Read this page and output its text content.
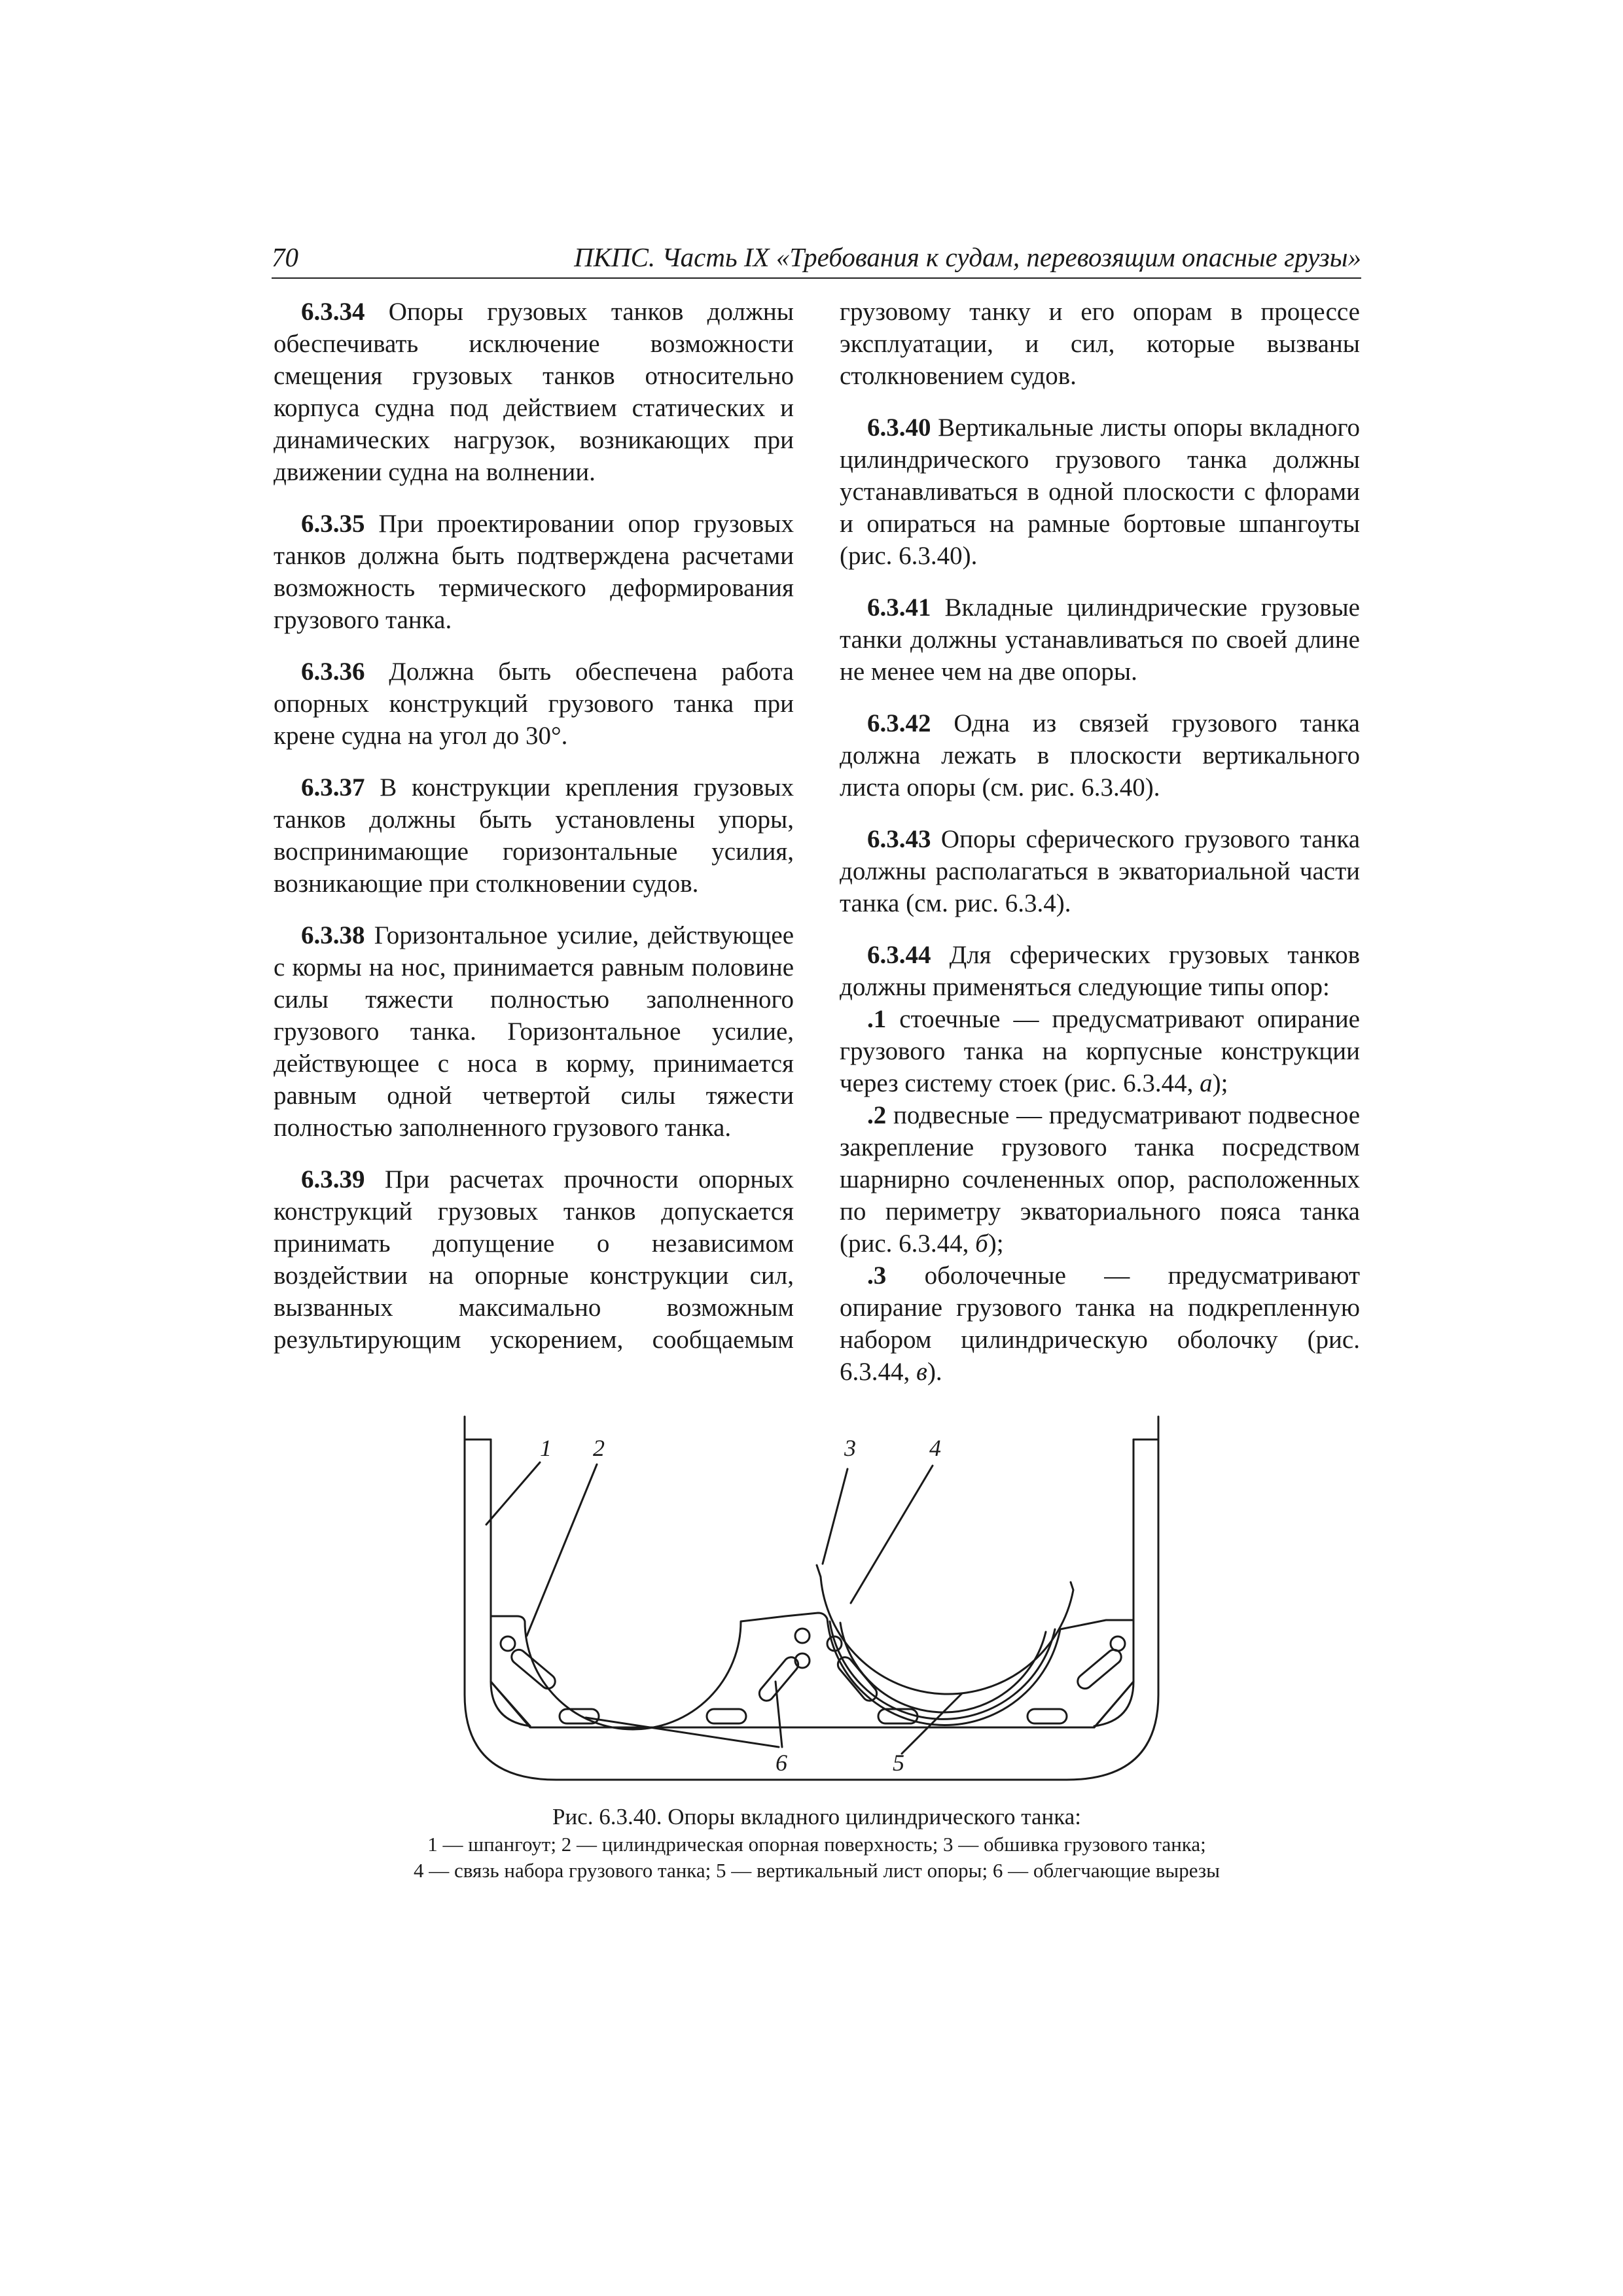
70	ПКПС. Часть IX «Требования к судам, перевозящим опасные грузы»

6.3.34 Опоры грузовых танков должны обеспечивать исключение возможности смещения грузовых танков относительно корпуса судна под действием статических и динамических нагрузок, возникающих при движении судна на волнении.

6.3.35 При проектировании опор грузовых танков должна быть подтверждена расчетами возможность термического деформирования грузового танка.

6.3.36 Должна быть обеспечена работа опорных конструкций грузового танка при крене судна на угол до 30°.

6.3.37 В конструкции крепления грузовых танков должны быть установлены упоры, воспринимающие горизонтальные усилия, возникающие при столкновении судов.

6.3.38 Горизонтальное усилие, действующее с кормы на нос, принимается равным половине силы тяжести полностью заполненного грузового танка. Горизонтальное усилие, действующее с носа в корму, принимается равным одной четвертой силы тяжести полностью заполненного грузового танка.

6.3.39 При расчетах прочности опорных конструкций грузовых танков допускается принимать допущение о независимом воздействии на опорные конструкции сил, вызванных максимально возможным результирующим ускорением, сообщаемым

грузовому танку и его опорам в процессе эксплуатации, и сил, которые вызваны столкновением судов.

6.3.40 Вертикальные листы опоры вкладного цилиндрического грузового танка должны устанавливаться в одной плоскости с флорами и опираться на рамные бортовые шпангоуты (рис. 6.3.40).

6.3.41 Вкладные цилиндрические грузовые танки должны устанавливаться по своей длине не менее чем на две опоры.

6.3.42 Одна из связей грузового танка должна лежать в плоскости вертикального листа опоры (см. рис. 6.3.40).

6.3.43 Опоры сферического грузового танка должны располагаться в экваториальной части танка (см. рис. 6.3.4).

6.3.44 Для сферических грузовых танков должны применяться следующие типы опор:

.1 стоечные — предусматривают опирание грузового танка на корпусные конструкции через систему стоек (рис. 6.3.44, а);

.2 подвесные — предусматривают подвесное закрепление грузового танка посредством шарнирно сочлененных опор, расположенных по периметру экваториального пояса танка (рис. 6.3.44, б);

.3 оболочечные — предусматривают опирание грузового танка на подкрепленную набором цилиндрическую оболочку (рис. 6.3.44, в).

1 2	3	4
5
6
Рис. 6.3.40. Опоры вкладного цилиндрического танка:
1 — шпангоут; 2 — цилиндрическая опорная поверхность; 3 — обшивка грузового танка;
4 — связь набора грузового танка; 5 — вертикальный лист опоры; 6 — облегчающие вырезы
